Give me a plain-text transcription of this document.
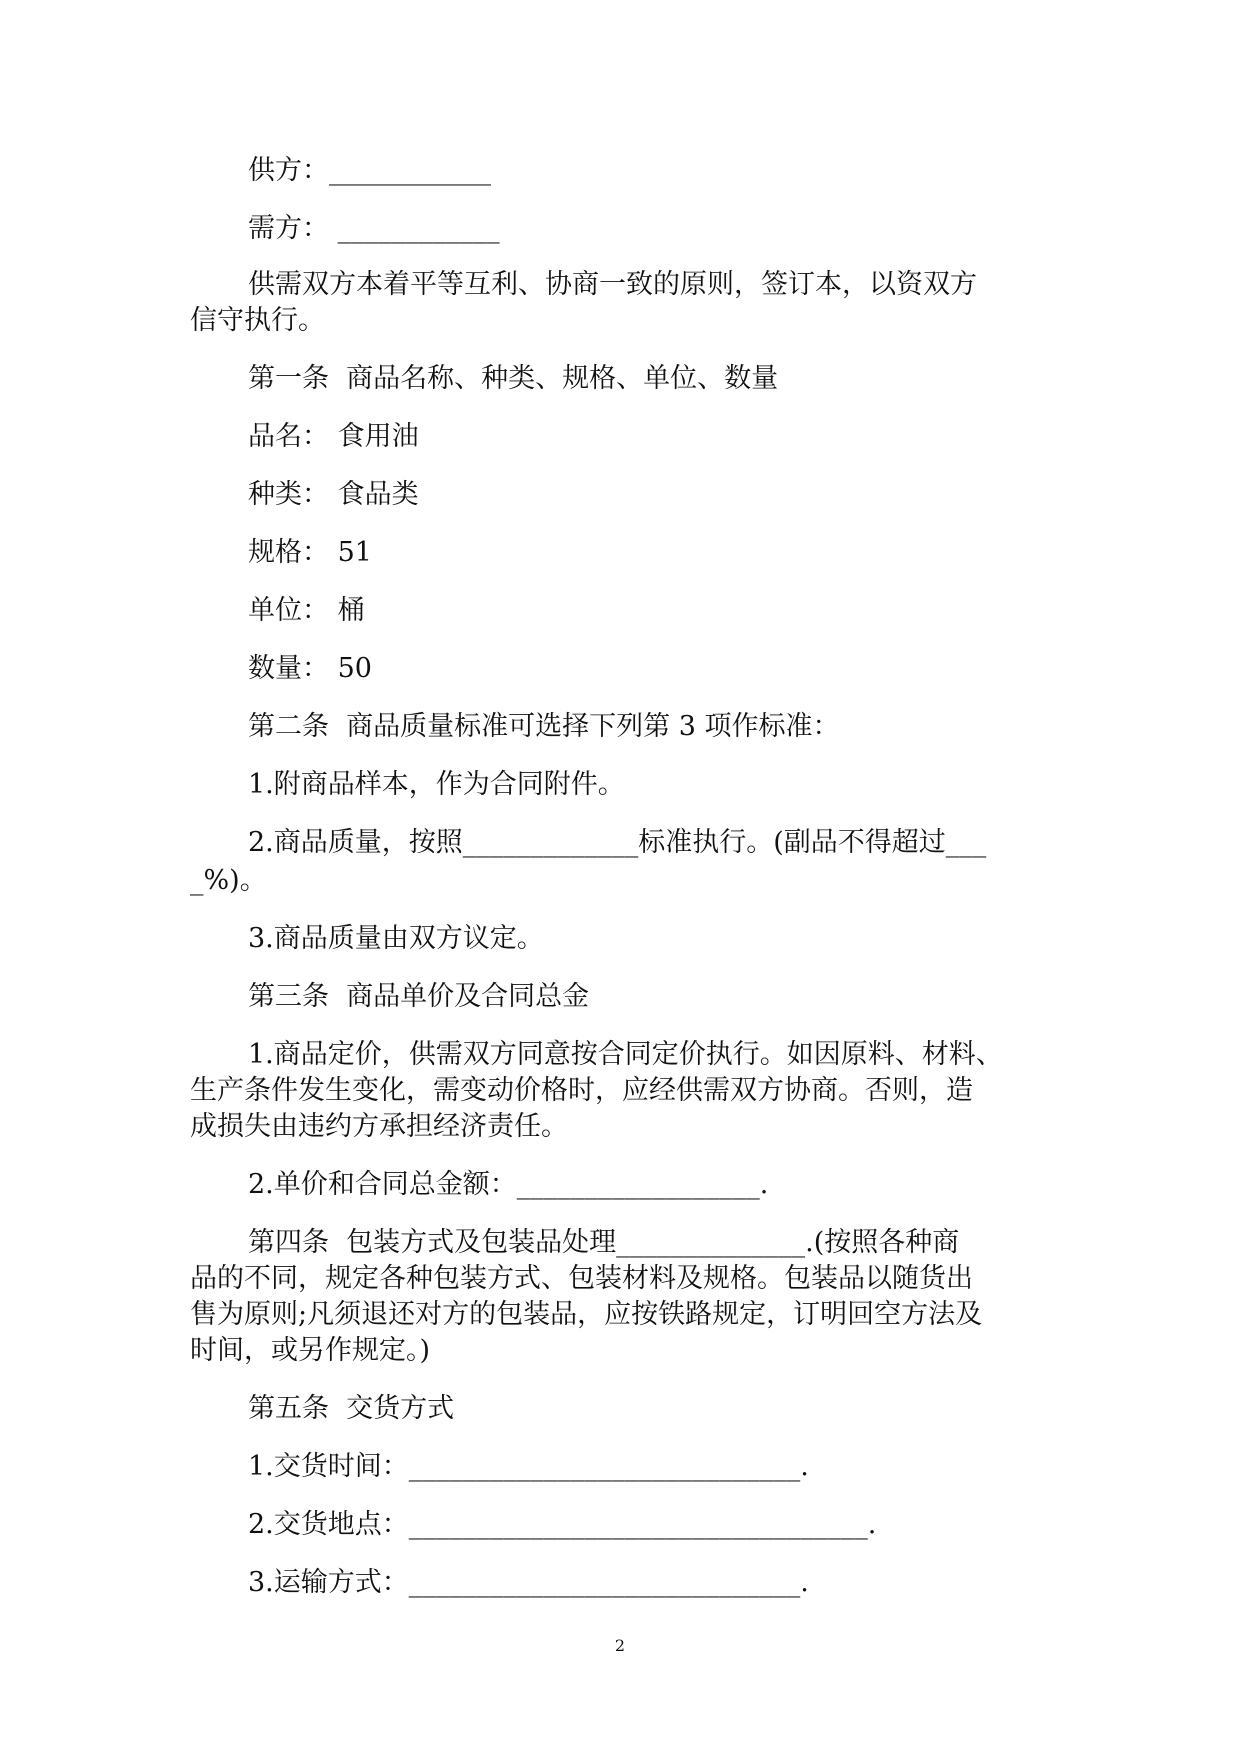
供方：____________
需方： ____________
供需双方本着平等互利、协商一致的原则，签订本，以资双方
信守执行。
第一条  商品名称、种类、规格、单位、数量
品名： 食用油
种类： 食品类
规格： 51
单位： 桶
数量： 50
第二条  商品质量标准可选择下列第 3 项作标准：
1.附商品样本，作为合同附件。
2.商品质量，按照_____________标准执行。(副品不得超过___
_%)。
3.商品质量由双方议定。
第三条  商品单价及合同总金
1.商品定价，供需双方同意按合同定价执行。如因原料、材料、
生产条件发生变化，需变动价格时，应经供需双方协商。否则，造
成损失由违约方承担经济责任。
2.单价和合同总金额：__________________.
第四条  包装方式及包装品处理______________.(按照各种商
品的不同，规定各种包装方式、包装材料及规格。包装品以随货出
售为原则;凡须退还对方的包装品，应按铁路规定，订明回空方法及
时间，或另作规定。)
第五条  交货方式
1.交货时间：_____________________________.
2.交货地点：__________________________________.
3.运输方式：_____________________________.
2
